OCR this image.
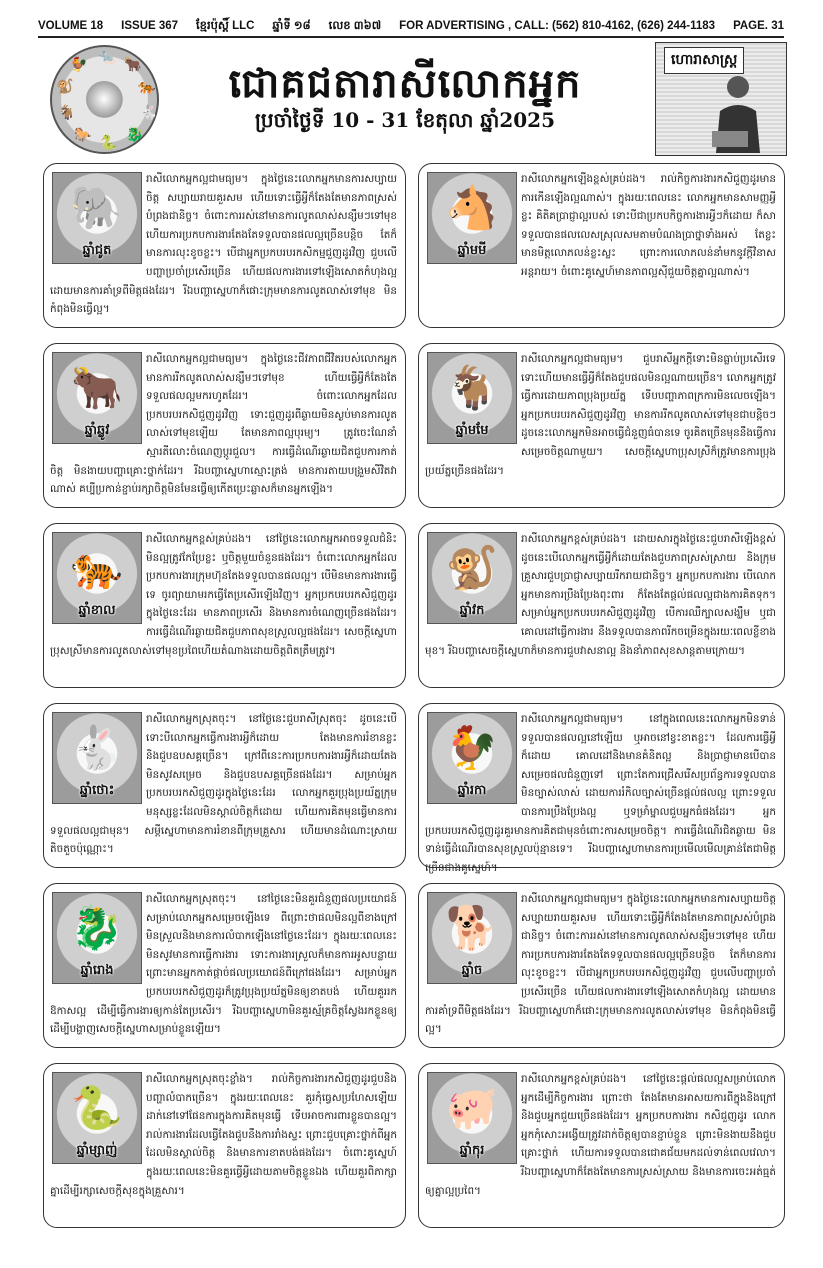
VOLUME 18 ISSUE 367 ខ្មែរប៉ុស្ដិ៍ LLC ឆ្នាំទី ១៨ លេខ ៣៦៧ FOR ADVERTISING , CALL: (562) 810-4162, (626) 244-1183 PAGE. 31
🐀 🐂
🐅
🐇
🐉
🐍
🐎
🐐
🐒
🐓	ជោគជតារាសីលោកអ្នក
ប្រចាំថ្ងៃទី 10 - 31 ខែតុលា ឆ្នាំ2025
ហោរាសាស្ត្រ
🐘
ឆ្នាំជូត
រាសីលោកអ្នកល្អជាមធ្យម។ ក្នុងថ្ងៃនេះលោកអ្នកមានការសប្បាយចិត្ត សប្បាយរាយគួរសម ហើយទោះធ្វើអ្វីក៏តែងតែមានភាពស្រស់បំព្រងជានិច្ច។ ចំពោះការរស់នៅមានការលូតលាស់សន្សឹមៗទៅមុខ ហើយការប្រកបការងារតែងតែទទួលបានផលល្អច្រើនបន្តិច តែក៏មានការលុះខូចខ្លះ។ បើជាអ្នកប្រកបរបរកសិកម្មជួញដូរវិញ ជួបលើបញ្ហាប្រចាំប្រសើរច្រើន ហើយផលការងារទៅឡើងសោតកំហុងល្អ ដោយមានការគាំទ្រពីមិត្តផងដែរ។ រីឯបញ្ហាស្នេហាក៏ផោះក្រុមមានការលូតលាស់ទៅមុខ មិនកំពុងមិនធ្វើល្អ។
🐴
ឆ្នាំមមី
រាសីលោកអ្នកឡើងខ្ពស់គ្រប់ដង។ រាល់កិច្ចការងារកសិជួញដូរមានការកើនឡើងល្អណាស់។ ក្នុងរយៈពេលនេះ លោកអ្នកមានសាមញ្ញអ្វីខ្លះ គិតិគប្រាជ្ញាល្អរបស់ ទោះបីជាប្រកបកិច្ចការងារអ្វីៗក៏ដោយ ក៏សាទទួលបានផលលេសស្រុលសមតាមបំណងប្រាថ្នាទាំងអស់ តែខ្លះមានមិត្តលោភលន់ខ្លះស្លះ ព្រោះការលោភលន់នាំមកនូវក្តីវិនាសអន្តរាយ។ ចំពោះគូស្នេហ៍មានភាពល្អស៊ីជួយចិត្តគ្នាល្អណាស់។
🐂
ឆ្នាំឆ្លូវ
រាសីលោកអ្នកល្អជាមធ្យម។ ក្នុងថ្ងៃនេះជីវភាពជីវិតរបស់លោកអ្នកមានការរីកលូតលាស់សន្សឹមៗទៅមុខ ហើយធ្វើអ្វីក៏តែងតែទទួលផលល្អមករហូតដែរ។ ចំពោះលោកអ្នកដែលប្រកបរបរកសិជួញដូរវិញ ទោះជួញដូរពីឆ្ងាយមិនស្ងប់មានការលូតលាស់ទៅមុខឡើយ តែមានភាពល្អបុរម្យ។ ត្រូវចេះណែនាំស្មារតីលោះចំណេញប្តូរជួល។ ការធ្វើដំណើរឆ្ងាយជិតជួបការកាត់ចិត្ត មិនងាយបញ្ហាគ្រោះថ្នាក់ដែរ។ រីឯបញ្ហាស្នេហាស្មោះត្រង់ មានការតាយបង្រួមសីវិតវាណាស់ គប្បីប្រកាន់ខ្ជាប់រក្សាចិត្តមិនមែនធ្វើឲ្យកើតប្រេះឆ្លាសក៏មានអ្នកឡើង។
🐐
ឆ្នាំមមែ
រាសីលោកអ្នកល្អជាមធ្យម។ ជួបរាសីអ្នកក្ដីទោះមិនធ្លាប់ប្រសើរទេ ទោះហើយមានធ្វើអ្វីក៏តែងជួបផលមិនល្អណាយច្រើន។ លោកអ្នកត្រូវធ្វើការដោយភាពប្រុងប្រយ័ត្ន ទើបបញ្ហាភាពក្រការមិនលេចឡើង។ អ្នកប្រកបរបរកសិជួញដូរវិញ មានការរីកលូតលាស់ទៅមុខជាបន្តិចៗ ដូចនេះលោកអ្នកមិនអាចធ្វើជំនួញធំបានទេ ចូរគិតច្រើនមុននឹងធ្វើការសម្រេចចិត្តណាមួយ។ សេចក្ដីស្នេហាប្រុសស្រីក៏ត្រូវមានការប្រុងប្រយ័ត្នច្រើនផងដែរ។
🐅
ឆ្នាំខាល
រាសីលោកអ្នកខ្ពស់គ្រប់ដង។ នៅថ្ងៃនេះលោកអ្នកអាចទទួលជំនិះមិនល្អត្រូវកែប្រែខ្លះ ឬចិត្តមួយចំនួនផងដែរ។ ចំពោះលោកអ្នកដែលប្រកបការងារក្រុមហ៊ុនតែងទទួលបានផលល្អ។ បើមិនមានការងារធ្វើទេ ចូរព្យាយាមរកធ្វើតែប្រសើរឡើងវិញ។ អ្នកប្រកបរបរកសិជួញដូរក្នុងថ្ងៃនេះដែរ មានភាពប្រសើរ និងមានការចំណេញច្រើនផងដែរ។ ការធ្វើដំណើរឆ្ងាយជិតជួបភាពសុខស្រួលល្អផងដែរ។ សេចក្ដីស្នេហាប្រុសស្រីមានការលូតលាស់ទៅមុខប្រពៃហើយតំណាងដោយចិត្តពិតត្រឹមត្រូវ។
🐒
ឆ្នាំវក
រាសីលោកអ្នកខ្ពស់គ្រប់ដង។ ដោយសារក្នុងថ្ងៃនេះជួបរាសីឡើងខ្ពស់ ដូចនេះបើលោកអ្នកធ្វើអ្វីក៏ដោយតែងជួបភាពស្រស់ស្រាយ និងក្រុមគ្រួសារជួបប្រាជ្ញាសប្បាយរីករាយជានិច្ច។ អ្នកប្រកបការងារ បើលោកអ្នកមានការប្រឹងប្រែងពុះពារ ក៏តែងតែផ្ដល់ផលល្អជាងការគិតទុក។ សម្រាប់អ្នកប្រកបរបរកសិជួញដូរវិញ បើការឈឺក្បាលសង្ឃឹម ឬជាគោលដៅធ្វើការងារ នឹងទទួលបានភាពរីកចម្រើនក្នុងរយៈពេលខ្លីខាងមុខ។ រីឯបញ្ហាសេចក្ដីស្នេហាក៏មានការជួបវាសនាល្អ និងនាំភាពសុខសាន្តតាមក្រោយ។
🐇
ឆ្នាំថោះ
រាសីលោកអ្នកស្រុតចុះ។ នៅថ្ងៃនេះជួបរាសីស្រុតចុះ ដូចនេះបើទោះបីលោកអ្នកធ្វើការងារអ្វីក៏ដោយ តែងមានការរំខានខ្លះ និងជួបឧបសគ្គច្រើន។ ក្រៅពីនេះការប្រកបការងារអ្វីក៏ដោយតែងមិនសូវសម្រេច និងជួបឧបសគ្គច្រើនផងដែរ។ សម្រាប់អ្នកប្រកបរបរកសិជួញដូរក្នុងថ្ងៃនេះដែរ លោកអ្នកគួរប្រុងប្រយ័ត្នក្រុមមនុស្សខ្លះដែលមិនស្គាល់ចិត្តក៏ដោយ ហើយការគិតមុនធ្វើមានការទទួលផលល្អជាមុន។ សម្ដីស្នេហាមានការរំខានពីក្រុមគ្រួសារ ហើយមានដំណោះស្រាយតិចតួចប៉ុណ្ណោះ។
🐓
ឆ្នាំរកា
រាសីលោកអ្នកល្អជាមធ្យម។ នៅក្នុងពេលនេះលោកអ្នកមិនទាន់ទទួលបានផលល្អនៅឡើយ ឬអាចនៅខ្វះខាតខ្លះ។ ដែលការធ្វើអ្វីក៏ដោយ គោលដៅនិងមានគំនិតល្អ និងប្រាជ្ញាមានបើបានសម្រេចផលជំនួញទៅ ព្រោះតែការជ្រើសរើសប្រព័ន្ធការទទួលបានមិនច្បាស់លាស់ ដោយការរំកិលច្បាស់ច្រើនផ្តល់ផលល្អ ព្រោះទទួលបានការប្រឹងប្រែងល្អ ឬទម្រាំម្នាលជួបអ្នកធំផងដែរ។ អ្នកប្រកបរបរកសិជួញដូរគួរមានការគិតជាមុនចំពោះការសម្រេចចិត្ត។ ការធ្វើដំណើរជិតឆ្ងាយ មិនទាន់ធ្វើដំណើរបានសុខស្រួលប៉ុន្មានទេ។ រីឯបញ្ហាស្នេហាមានការប្រមើលមើលគ្រាន់តែជាមិត្តច្រើនជាងគូស្នេហ៍។
🐉
ឆ្នាំរោង
រាសីលោកអ្នកស្រុតចុះ។ នៅថ្ងៃនេះមិនគួរជំនួញផលប្រយោជន៍សម្រាប់លោកអ្នកសម្រេចឡើងទេ ពីព្រោះថាផលមិនល្អពីខាងក្រៅមិនស្រួលនិងមានការលំបាកឡើងនៅថ្ងៃនេះដែរ។ ក្នុងរយៈពេលនេះមិនសូវមានការធ្វើការងារ ទោះការងារស្រួលក៏មានការអូសបន្លាយ ព្រោះមានអ្នកកាត់ផ្តាច់ផលប្រយោជន៍ពីក្រៅផងដែរ។ សម្រាប់អ្នកប្រកបរបរកសិជួញដូរក៏ត្រូវប្រុងប្រយ័ត្នមិនឲ្យខាតបង់ ហើយគួររកឱកាសល្អ ដើម្បីធ្វើការងារឲ្យកាន់តែប្រសើរ។ រីឯបញ្ហាស្នេហាមិនគួរស្ម័គ្រចិត្តស្វែងរកខ្លួនឲ្យ ដើម្បីបង្ហាញសេចក្ដីស្នេហាសម្រាប់ខ្លួនឡើយ។
🐕
ឆ្នាំច
រាសីលោកអ្នកល្អជាមធ្យម។ ក្នុងថ្ងៃនេះលោកអ្នកមានការសប្បាយចិត្ត សប្បាយរាយគួរសម ហើយទោះធ្វើអ្វីក៏តែងតែមានភាពស្រស់បំព្រងជានិច្ច។ ចំពោះការរស់នៅមានការលូតលាស់សន្សឹមៗទៅមុខ ហើយការប្រកបការងារតែងតែទទួលបានផលល្អច្រើនបន្តិច តែក៏មានការលុះខូចខ្លះ។ បើជាអ្នកប្រកបរបរកសិជួញដូរវិញ ជួបលើបញ្ហាប្រចាំប្រសើរច្រើន ហើយផលការងារទៅឡើងសោតកំហុងល្អ ដោយមានការគាំទ្រពីមិត្តផងដែរ។ រីឯបញ្ហាស្នេហាក៏ផោះក្រុមមានការលូតលាស់ទៅមុខ មិនកំពុងមិនធ្វើល្អ។
🐍
ឆ្នាំម្សាញ់
រាសីលោកអ្នកស្រុតចុះខ្លាំង។ រាល់កិច្ចការងារកសិជួញដូរជួបនិងបញ្ហាលំបាកច្រើន។ ក្នុងរយៈពេលនេះ គួរកុំធ្វេសប្រហែសឡើយ ដាក់នៅទៅផែនការក្នុងការគិតមុនធ្វើ ទើបអាចការពារខ្លួនបានល្អ។ រាល់ការងារដែលធ្វើតែងជួបនឹងការរាំងស្ទះ ព្រោះជួបគ្រោះថ្នាក់ពីអ្នកដែលមិនស្គាល់ចិត្ត និងមានការខាតបង់ផងដែរ។ ចំពោះគូស្នេហ៍ក្នុងរយៈពេលនេះមិនគួរធ្វើអ្វីដោយតាមចិត្តខ្លួនឯង ហើយគួរពិភាក្សាគ្នាដើម្បីរក្សាសេចក្ដីសុខក្នុងគ្រួសារ។
🐖
ឆ្នាំកុរ
រាសីលោកអ្នកខ្ពស់គ្រប់ដង។ នៅថ្ងៃនេះផ្ដល់ផលល្អសម្រាប់លោកអ្នកដើម្បីកិច្ចការងារ ព្រោះថា តែងតែមានអាសយការពីក្នុងនិងក្រៅ និងជួបអ្នកជួយច្រើនផងដែរ។ អ្នកប្រកបការងារ កសិជួញដូរ លោកអ្នកកុំសោះអង្វើយត្រូវដាក់ចិត្តឲ្យបានខ្ជាប់ខ្ជួន ព្រោះមិនងាយនឹងជួបគ្រោះថ្នាក់ ហើយការទទួលបានជោគជ័យមកដល់ទាន់ពេលវេលា។ រីឯបញ្ហាស្នេហាក៏តែងតែមានការស្រស់ស្រាយ និងមានការចេះអត់ធ្មត់ឲ្យគ្នាល្អប្រពៃ។
